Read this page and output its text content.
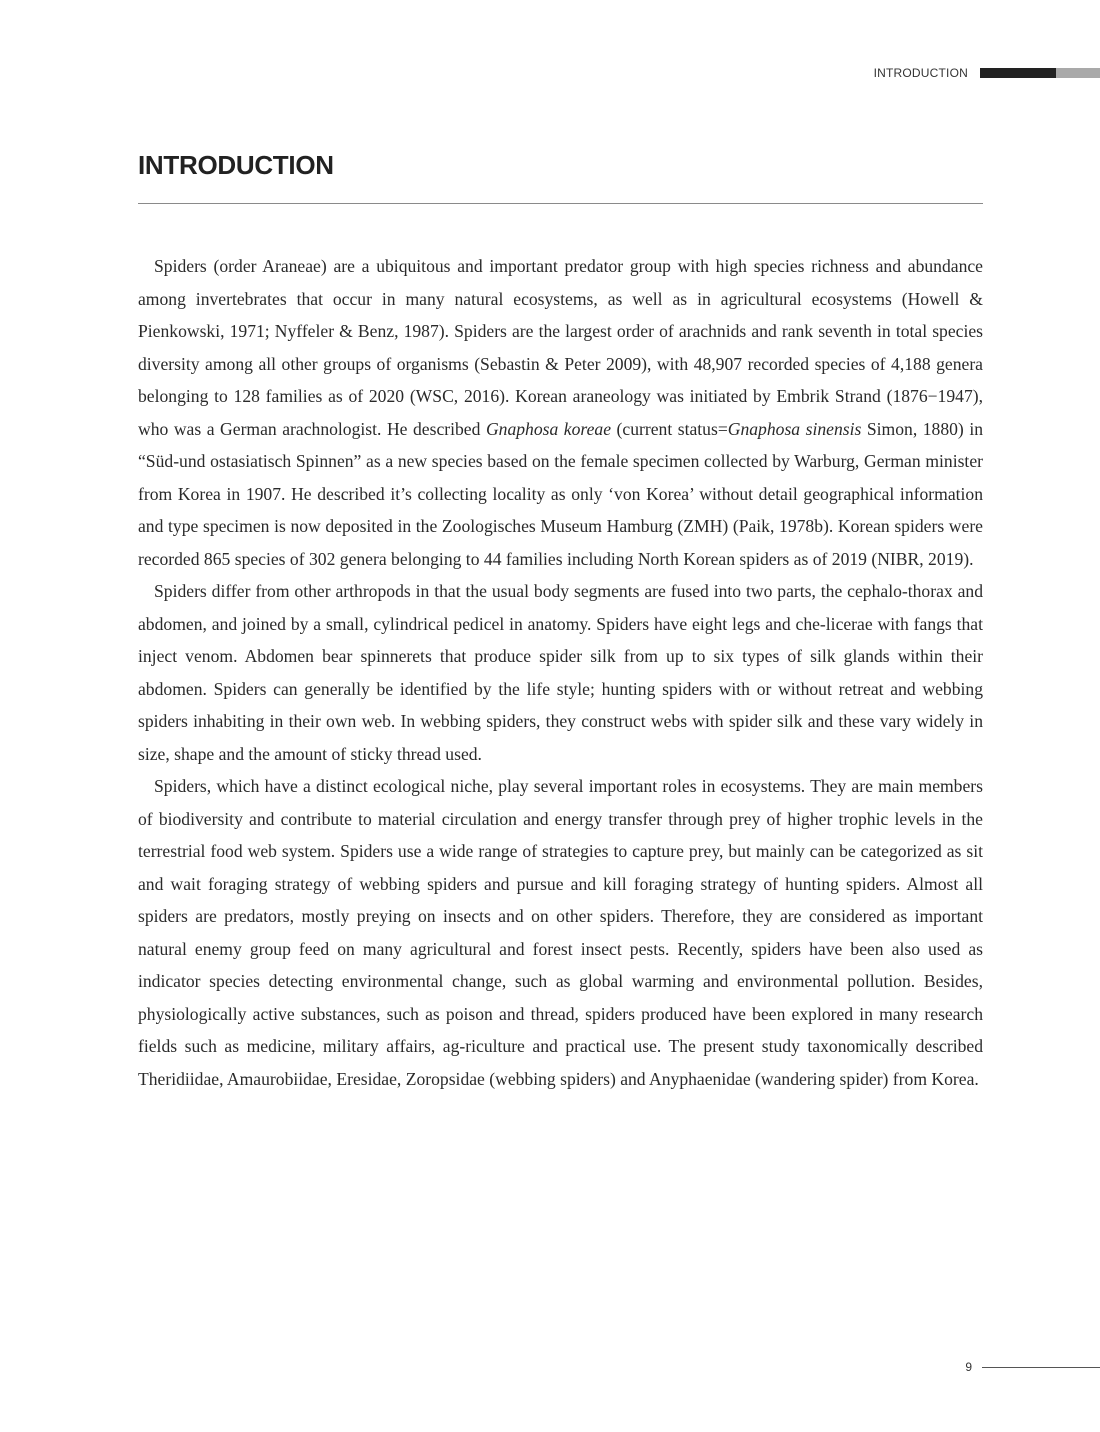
INTRODUCTION
INTRODUCTION

Spiders (order Araneae) are a ubiquitous and important predator group with high species richness and abundance among invertebrates that occur in many natural ecosystems, as well as in agricultural ecosystems (Howell & Pienkowski, 1971; Nyffeler & Benz, 1987). Spiders are the largest order of arachnids and rank seventh in total species diversity among all other groups of organisms (Sebastin & Peter 2009), with 48,907 recorded species of 4,188 genera belonging to 128 families as of 2020 (WSC, 2016). Korean araneology was initiated by Embrik Strand (1876−1947), who was a German arachnologist. He described Gnaphosa koreae (current status=Gnaphosa sinensis Simon, 1880) in “Süd-und ostasiatisch Spinnen” as a new species based on the female specimen collected by Warburg, German minister from Korea in 1907. He described it’s collecting locality as only ‘von Korea’ without detail geographical information and type specimen is now deposited in the Zoologisches Museum Hamburg (ZMH) (Paik, 1978b). Korean spiders were recorded 865 species of 302 genera belonging to 44 families including North Korean spiders as of 2019 (NIBR, 2019).

Spiders differ from other arthropods in that the usual body segments are fused into two parts, the cephalo-thorax and abdomen, and joined by a small, cylindrical pedicel in anatomy. Spiders have eight legs and che-licerae with fangs that inject venom. Abdomen bear spinnerets that produce spider silk from up to six types of silk glands within their abdomen. Spiders can generally be identified by the life style; hunting spiders with or without retreat and webbing spiders inhabiting in their own web. In webbing spiders, they construct webs with spider silk and these vary widely in size, shape and the amount of sticky thread used.

Spiders, which have a distinct ecological niche, play several important roles in ecosystems. They are main members of biodiversity and contribute to material circulation and energy transfer through prey of higher trophic levels in the terrestrial food web system. Spiders use a wide range of strategies to capture prey, but mainly can be categorized as sit and wait foraging strategy of webbing spiders and pursue and kill foraging strategy of hunting spiders. Almost all spiders are predators, mostly preying on insects and on other spiders. Therefore, they are considered as important natural enemy group feed on many agricultural and forest insect pests. Recently, spiders have been also used as indicator species detecting environmental change, such as global warming and environmental pollution. Besides, physiologically active substances, such as poison and thread, spiders produced have been explored in many research fields such as medicine, military affairs, ag-riculture and practical use. The present study taxonomically described Theridiidae, Amaurobiidae, Eresidae, Zoropsidae (webbing spiders) and Anyphaenidae (wandering spider) from Korea.

9
